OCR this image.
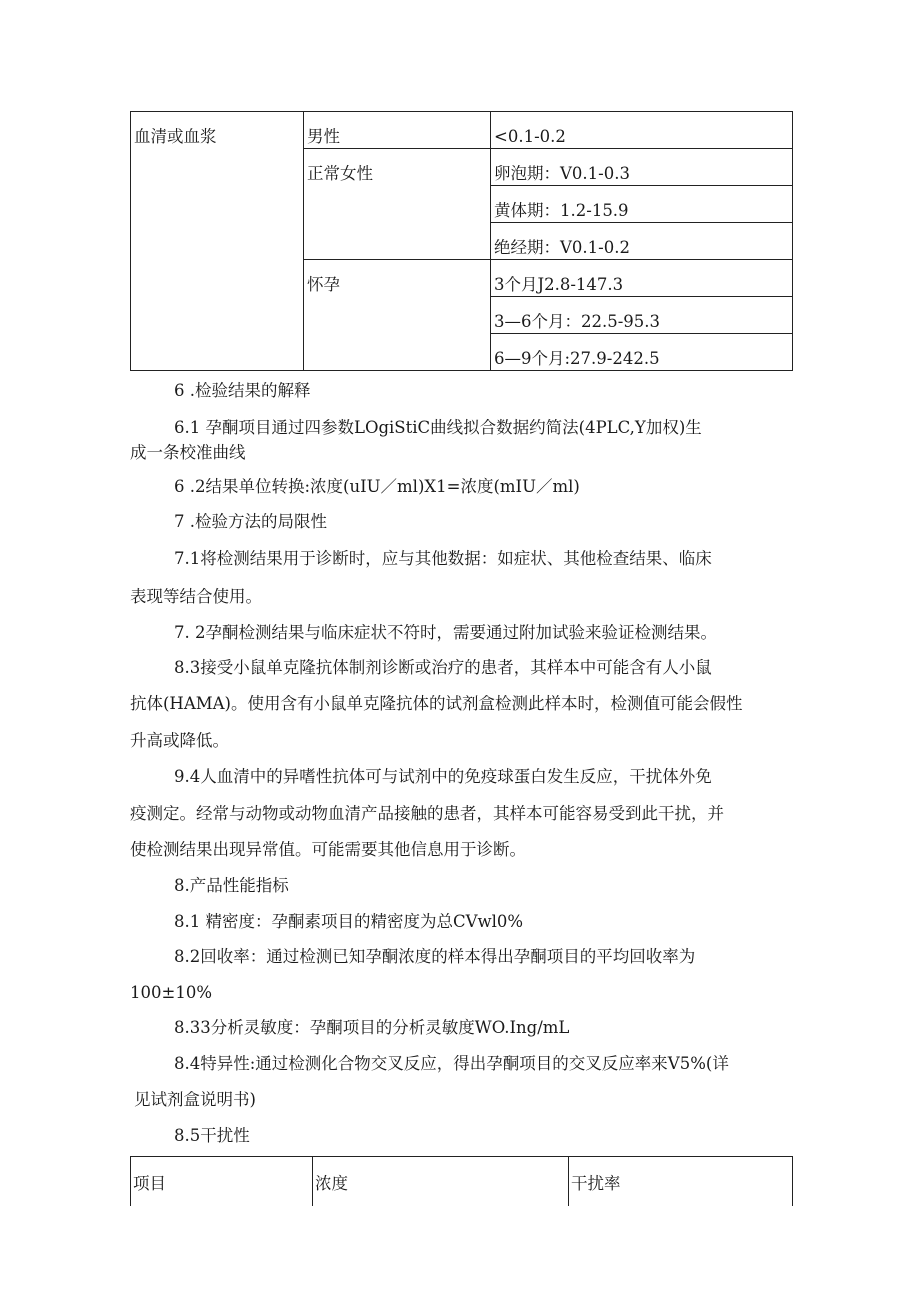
血清或血浆	男性	<0.1-0.2
	正常女性	卵泡期：V0.1-0.3
		黄体期：1.2-15.9
		绝经期：V0.1-0.2
	怀孕	3个月J2.8-147.3
		3—6个月：22.5-95.3
		6—9个月:27.9-242.5
6 .检验结果的解释
6.1 孕酮项目通过四参数LOgiStiC曲线拟合数据约简法(4PLC,Y加权)生
成一条校准曲线
6 .2结果单位转换:浓度(uIU／ml)X1=浓度(mIU／ml)
7 .检验方法的局限性
7.1将检测结果用于诊断时，应与其他数据：如症状、其他检查结果、临床
表现等结合使用。
7. 2孕酮检测结果与临床症状不符时，需要通过附加试验来验证检测结果。
8.3接受小鼠单克隆抗体制剂诊断或治疗的患者，其样本中可能含有人小鼠
抗体(HAMA)。使用含有小鼠单克隆抗体的试剂盒检测此样本时，检测值可能会假性
升高或降低。
9.4人血清中的异嗜性抗体可与试剂中的免疫球蛋白发生反应，干扰体外免
疫测定。经常与动物或动物血清产品接触的患者，其样本可能容易受到此干扰，并
使检测结果出现异常值。可能需要其他信息用于诊断。
8.产品性能指标
8.1 精密度：孕酮素项目的精密度为总CVwl0%
8.2回收率：通过检测已知孕酮浓度的样本得出孕酮项目的平均回收率为
100±10%
8.33分析灵敏度：孕酮项目的分析灵敏度WO.Ing/mL
8.4特异性:通过检测化合物交叉反应，得出孕酮项目的交叉反应率来V5%(详
见试剂盒说明书)
8.5干扰性
项目	浓度	干扰率
